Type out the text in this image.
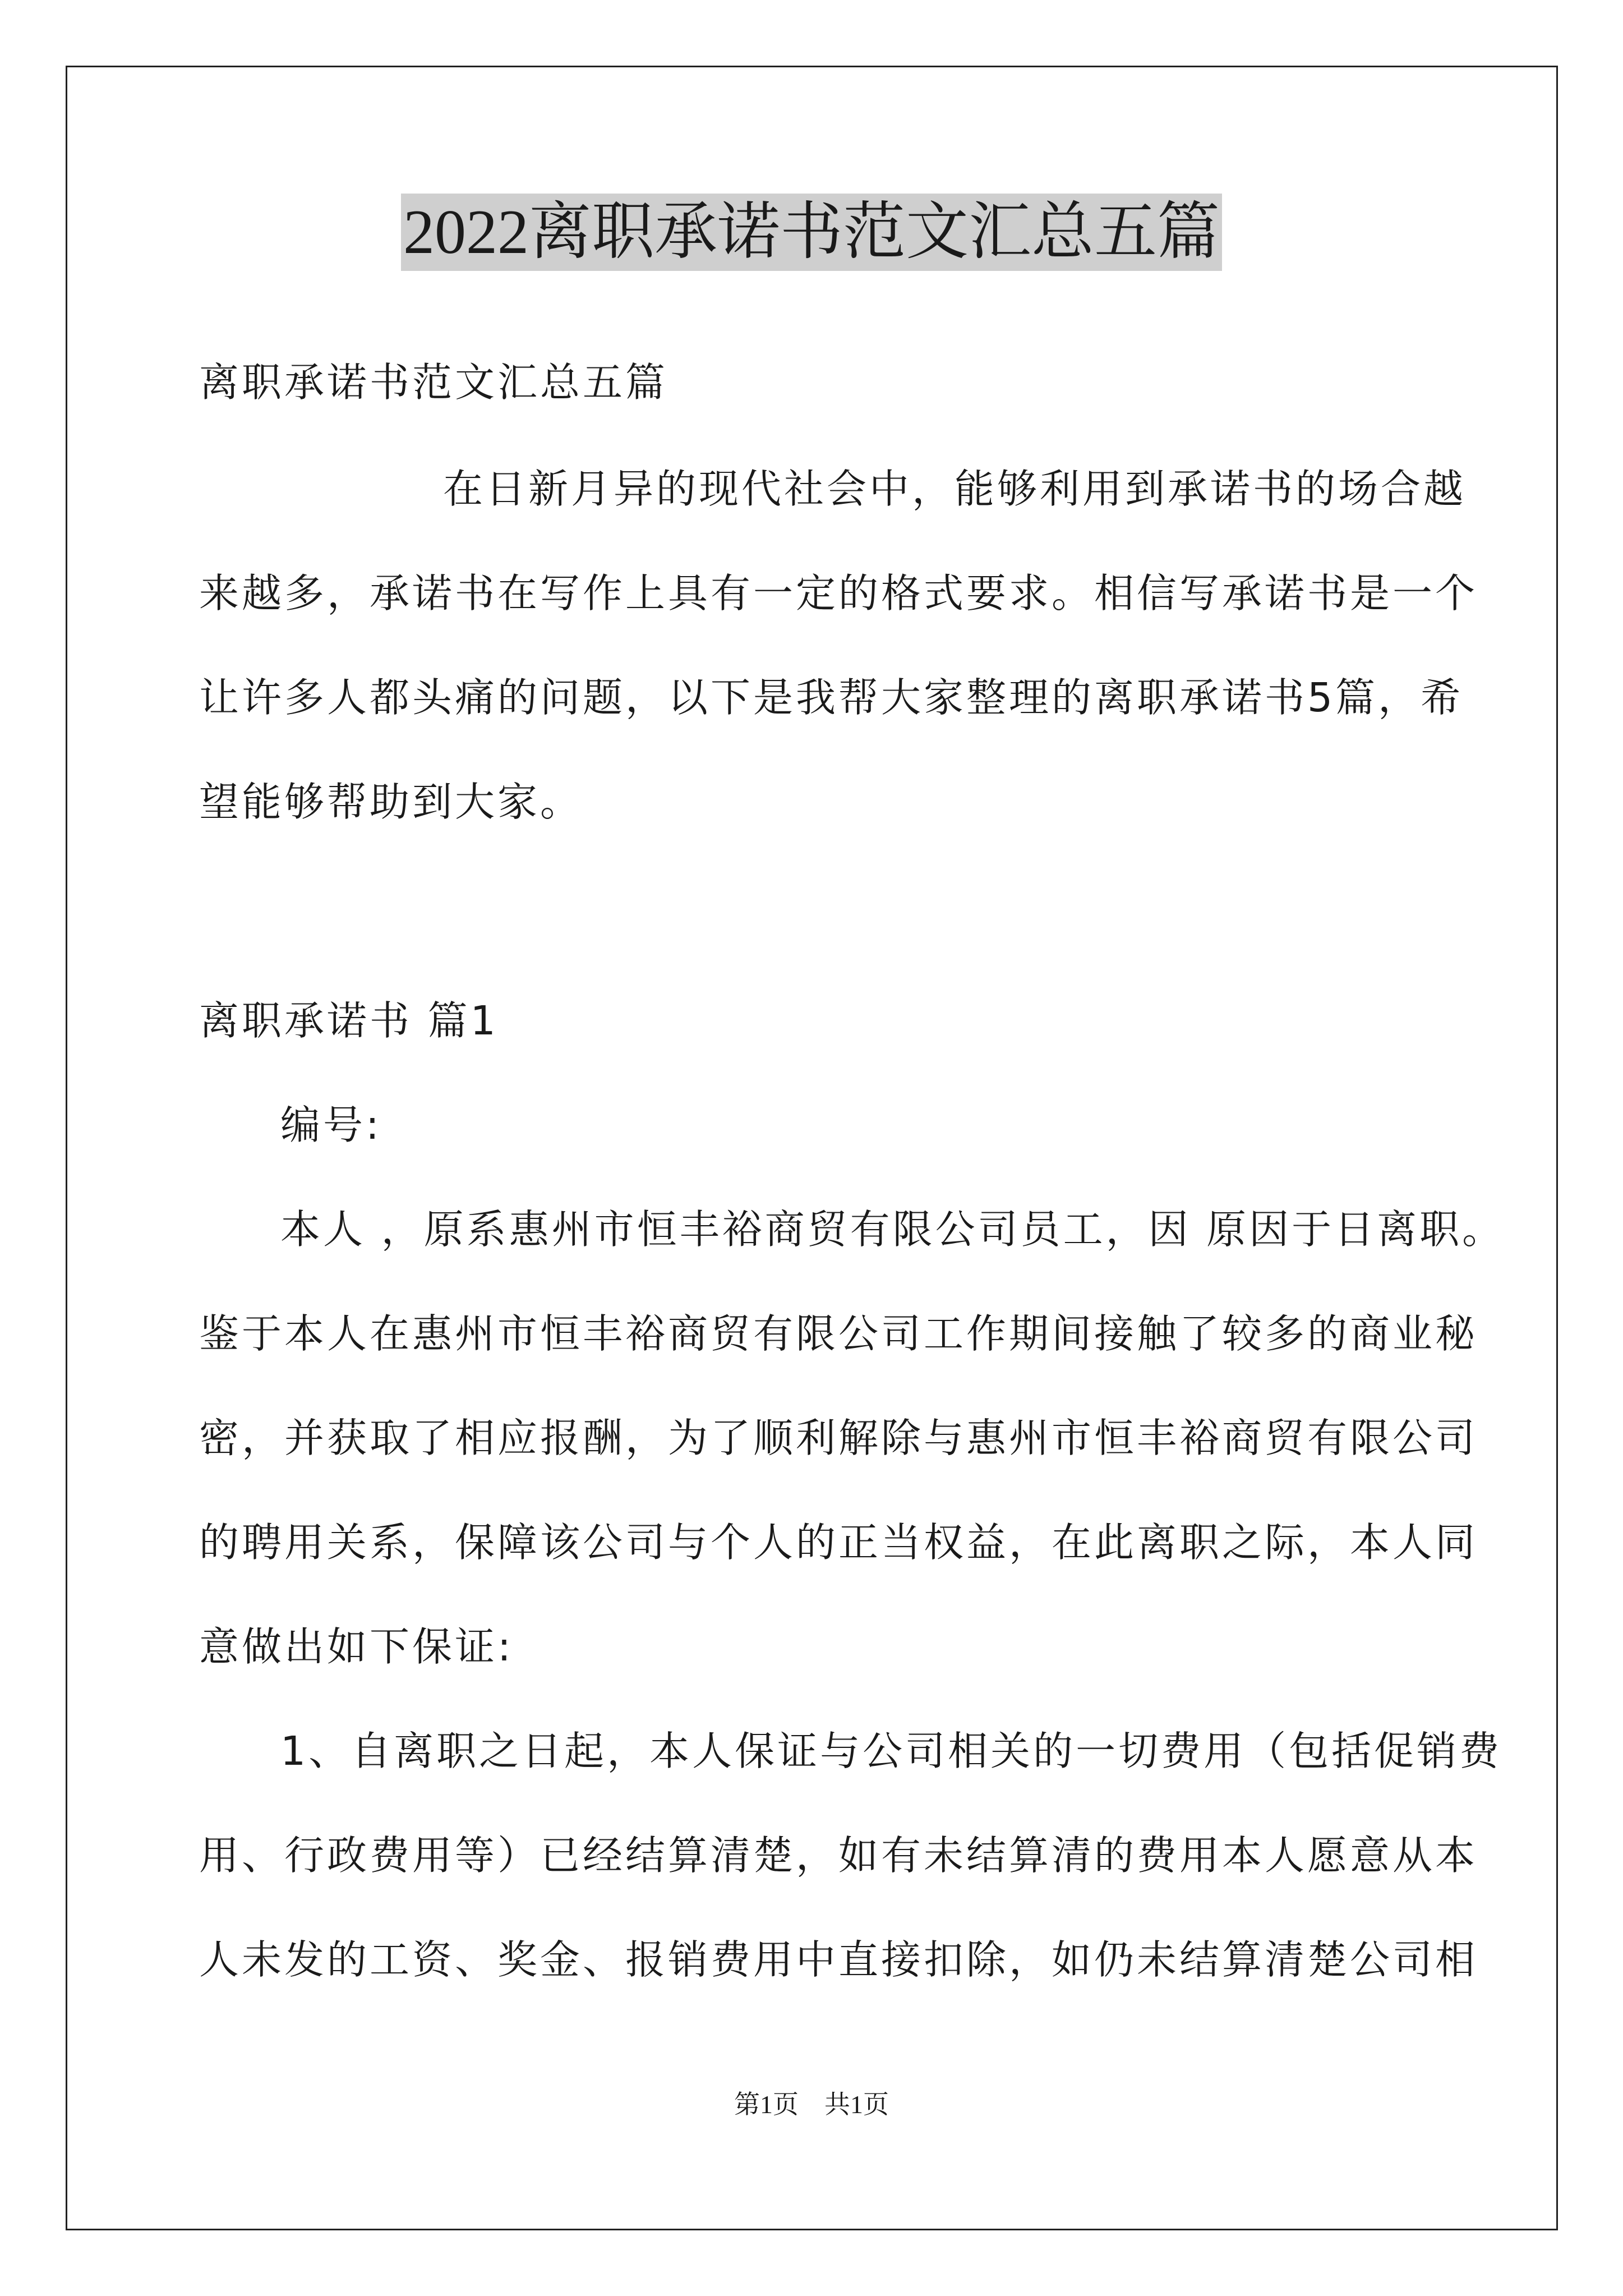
2022离职承诺书范文汇总五篇
离职承诺书范文汇总五篇
在日新月异的现代社会中，能够利用到承诺书的场合越
来越多，承诺书在写作上具有一定的格式要求。相信写承诺书是一个
让许多人都头痛的问题，以下是我帮大家整理的离职承诺书5篇，希
望能够帮助到大家。
离职承诺书 篇1
编号:
本人 ，原系惠州市恒丰裕商贸有限公司员工，因 原因于日离职。
鉴于本人在惠州市恒丰裕商贸有限公司工作期间接触了较多的商业秘
密，并获取了相应报酬，为了顺利解除与惠州市恒丰裕商贸有限公司
的聘用关系，保障该公司与个人的正当权益，在此离职之际，本人同
意做出如下保证:
1、自离职之日起，本人保证与公司相关的一切费用（包括促销费
用、行政费用等）已经结算清楚，如有未结算清的费用本人愿意从本
人未发的工资、奖金、报销费用中直接扣除，如仍未结算清楚公司相
第1页　共1页
